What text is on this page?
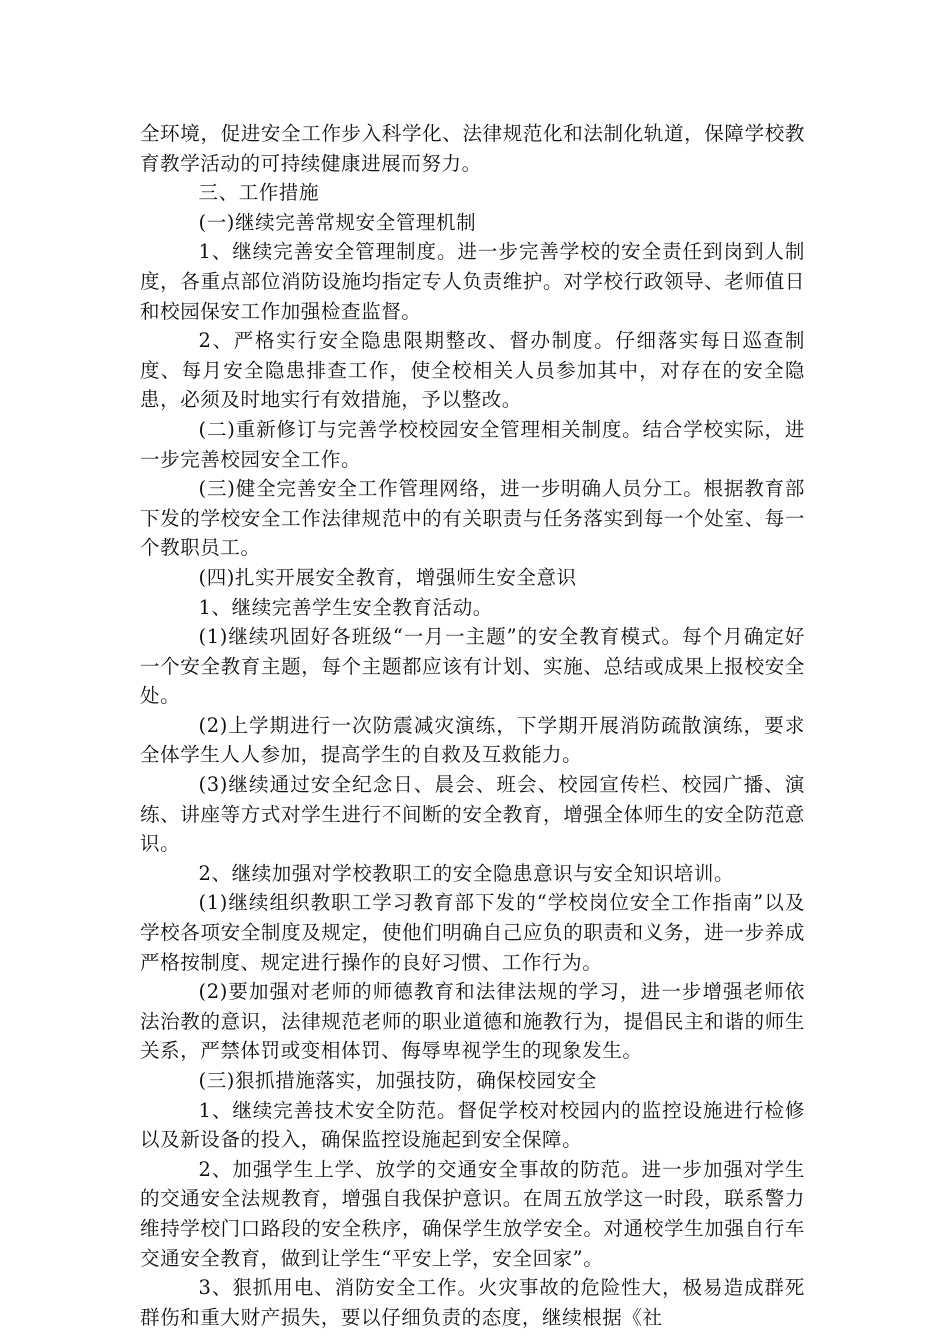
全环境，促进安全工作步入科学化、法律规范化和法制化轨道，保障学校教育教学活动的可持续健康进展而努力。

三、工作措施

(一)继续完善常规安全管理机制

1、继续完善安全管理制度。进一步完善学校的安全责任到岗到人制度，各重点部位消防设施均指定专人负责维护。对学校行政领导、老师值日和校园保安工作加强检查监督。

2、严格实行安全隐患限期整改、督办制度。仔细落实每日巡查制度、每月安全隐患排查工作，使全校相关人员参加其中，对存在的安全隐患，必须及时地实行有效措施，予以整改。

(二)重新修订与完善学校校园安全管理相关制度。结合学校实际，进一步完善校园安全工作。

(三)健全完善安全工作管理网络，进一步明确人员分工。根据教育部下发的学校安全工作法律规范中的有关职责与任务落实到每一个处室、每一个教职员工。

(四)扎实开展安全教育，增强师生安全意识

1、继续完善学生安全教育活动。

(1)继续巩固好各班级“一月一主题”的安全教育模式。每个月确定好一个安全教育主题，每个主题都应该有计划、实施、总结或成果上报校安全处。

(2)上学期进行一次防震减灾演练，下学期开展消防疏散演练，要求全体学生人人参加，提高学生的自救及互救能力。

(3)继续通过安全纪念日、晨会、班会、校园宣传栏、校园广播、演练、讲座等方式对学生进行不间断的安全教育，增强全体师生的安全防范意识。

2、继续加强对学校教职工的安全隐患意识与安全知识培训。

(1)继续组织教职工学习教育部下发的“学校岗位安全工作指南”以及学校各项安全制度及规定，使他们明确自己应负的职责和义务，进一步养成严格按制度、规定进行操作的良好习惯、工作行为。

(2)要加强对老师的师德教育和法律法规的学习，进一步增强老师依法治教的意识，法律规范老师的职业道德和施教行为，提倡民主和谐的师生关系，严禁体罚或变相体罚、侮辱卑视学生的现象发生。

(三)狠抓措施落实，加强技防，确保校园安全

1、继续完善技术安全防范。督促学校对校园内的监控设施进行检修以及新设备的投入，确保监控设施起到安全保障。

2、加强学生上学、放学的交通安全事故的防范。进一步加强对学生的交通安全法规教育，增强自我保护意识。在周五放学这一时段，联系警力维持学校门口路段的安全秩序，确保学生放学安全。对通校学生加强自行车交通安全教育，做到让学生“平安上学，安全回家”。

3、狠抓用电、消防安全工作。火灾事故的危险性大，极易造成群死群伤和重大财产损失，要以仔细负责的态度，继续根据《社
